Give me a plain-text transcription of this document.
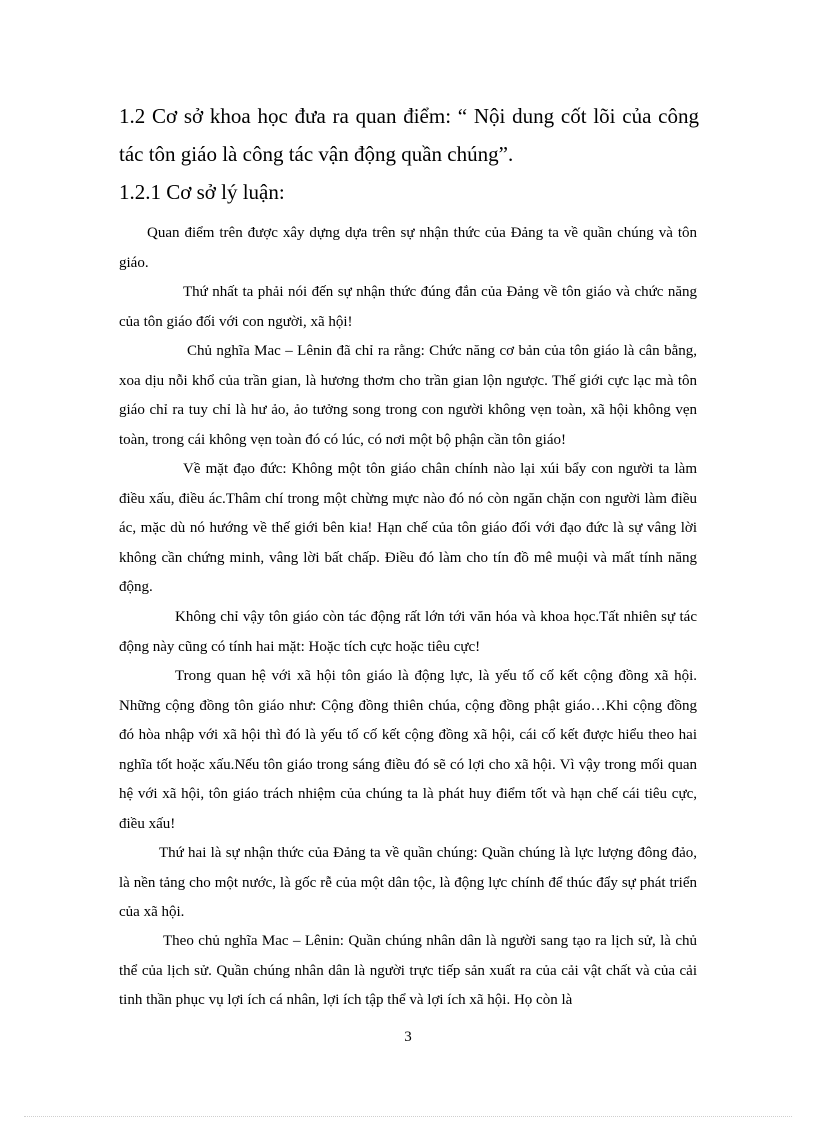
1.2 Cơ sở khoa học đưa ra quan điểm: “ Nội dung cốt lõi của công tác tôn giáo là công tác vận động quần chúng”.
1.2.1 Cơ sở lý luận:

Quan điểm trên được xây dựng dựa trên sự nhận thức của Đảng ta về quần chúng và tôn giáo.

Thứ nhất ta phải nói đến sự nhận thức đúng đắn của Đảng về tôn giáo và chức năng của tôn giáo đối với con người, xã hội!

Chủ nghĩa Mac – Lênin đã chỉ ra rằng: Chức năng cơ bản của tôn giáo là cân bằng, xoa dịu nỗi khổ của trần gian, là hương thơm cho trần gian lộn ngược. Thế giới cực lạc mà tôn giáo chỉ ra tuy chỉ là hư ảo, ảo tưởng song trong con người không vẹn toàn, xã hội không vẹn toàn, trong cái không vẹn toàn đó có lúc, có nơi một bộ phận cần tôn giáo!

Về mặt đạo đức: Không một tôn giáo chân chính nào lại xúi bẩy con người ta làm điều xấu, điều ác.Thâm chí trong một chừng mực nào đó nó còn ngăn chặn con người làm điều ác, mặc dù nó hướng về thế giới bên kia! Hạn chế của tôn giáo đối với đạo đức là sự vâng lời không cần chứng minh, vâng lời bất chấp. Điều đó làm cho tín đồ mê muội và mất tính năng động.

Không chỉ vậy tôn giáo còn tác động rất lớn tới văn hóa và khoa học.Tất nhiên sự tác động này cũng có tính hai mặt: Hoặc tích cực hoặc tiêu cực!

Trong quan hệ với xã hội tôn giáo là động lực, là yếu tố cố kết cộng đồng xã hội. Những cộng đồng tôn giáo như: Cộng đồng thiên chúa, cộng đồng phật giáo…Khi cộng đồng đó hòa nhập với xã hội thì đó là yếu tố cố kết cộng đồng xã hội, cái cố kết được hiểu theo hai nghĩa tốt hoặc xấu.Nếu tôn giáo trong sáng điều đó sẽ có lợi cho xã hội. Vì vậy trong mối quan hệ với xã hội, tôn giáo trách nhiệm của chúng ta là phát huy điểm tốt và hạn chế cái tiêu cực, điều xấu!

Thứ hai là sự nhận thức của Đảng ta về quần chúng: Quần chúng là lực lượng đông đảo, là nền tảng cho một nước, là gốc rễ của một dân tộc, là động lực chính để thúc đẩy sự phát triển của xã hội.

Theo chủ nghĩa Mac – Lênin: Quần chúng nhân dân là người sang tạo ra lịch sử, là chủ thể của lịch sử. Quần chúng nhân dân là người trực tiếp sản xuất ra của cải vật chất và của cải tinh thần phục vụ lợi ích cá nhân, lợi ích tập thể và lợi ích xã hội. Họ còn là

3
